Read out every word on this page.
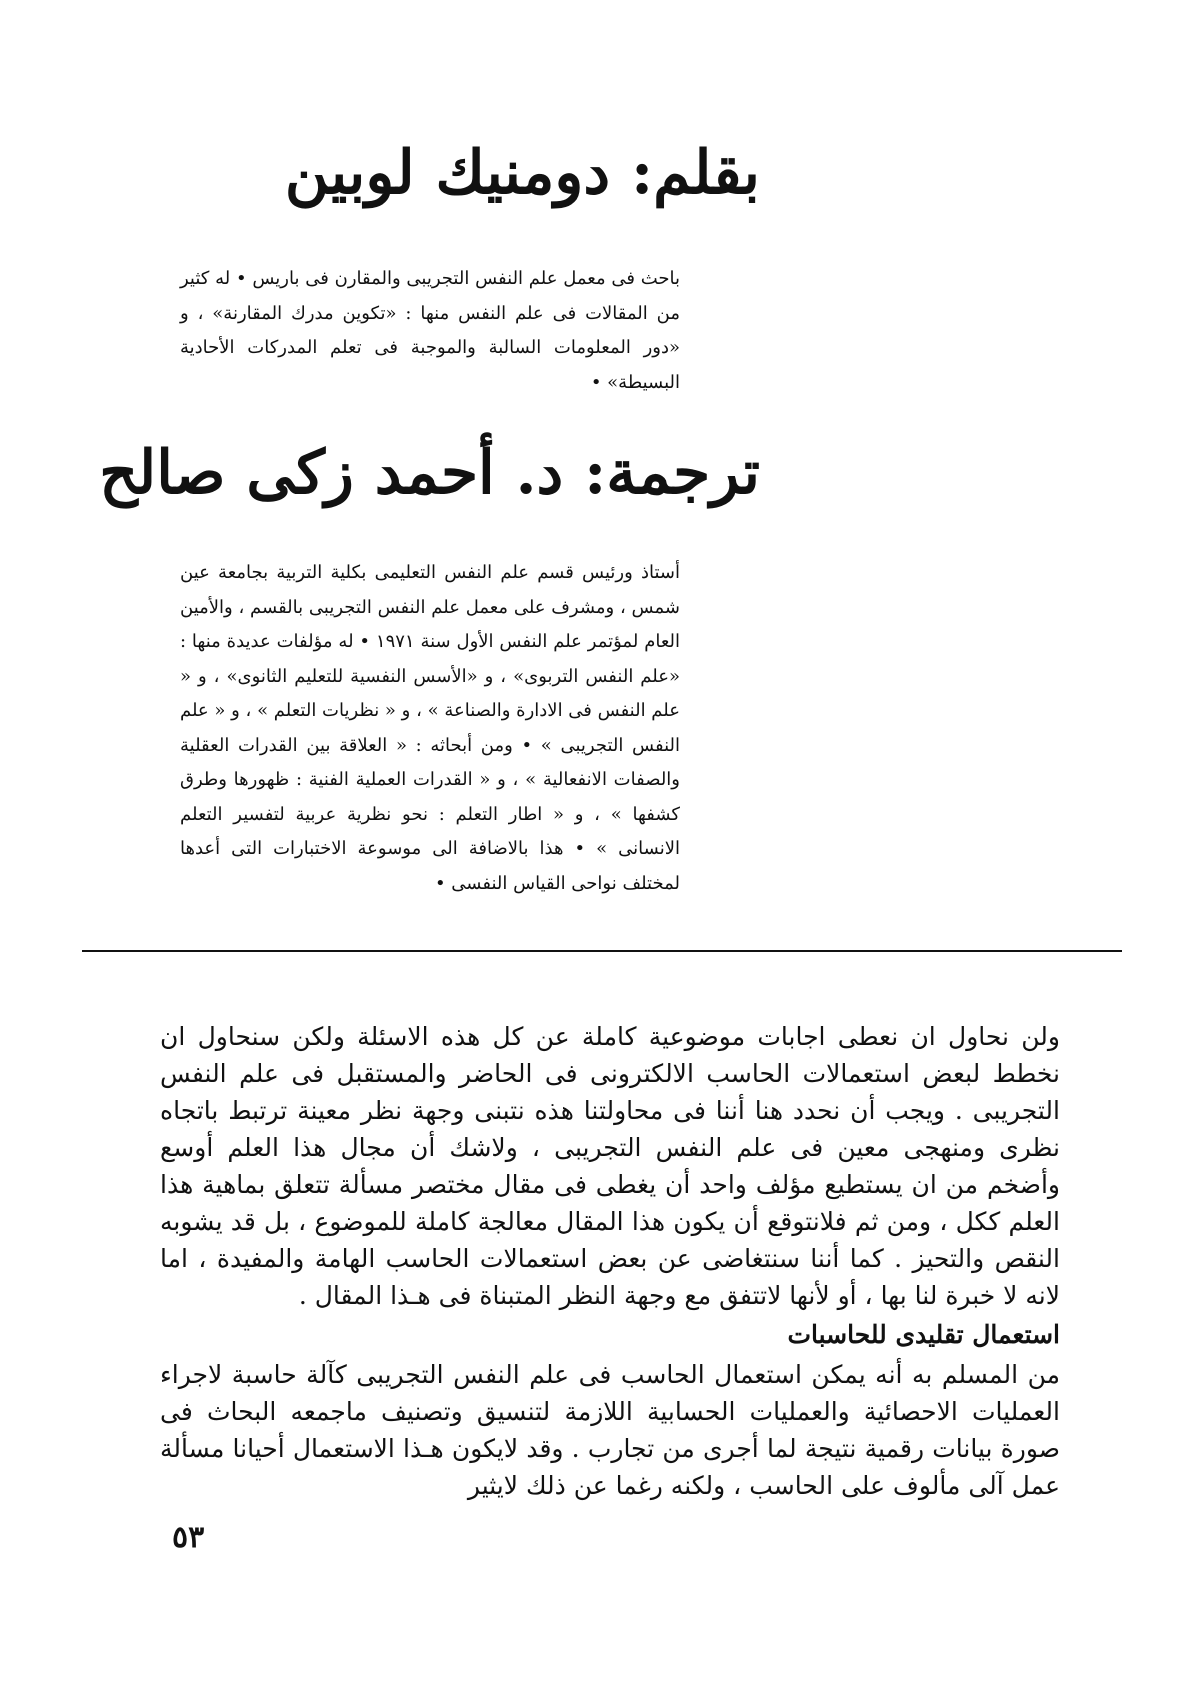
بقلم: دومنيك لوبين

باحث فى معمل علم النفس التجريبى والمقارن فى باريس • له كثير من المقالات فى علم النفس منها : «تكوين مدرك المقارنة» ، و «دور المعلومات السالبة والموجبة فى تعلم المدركات الأحادية البسيطة» •

ترجمة: د. أحمد زكى صالح

أستاذ ورئيس قسم علم النفس التعليمى بكلية التربية بجامعة عين شمس ، ومشرف على معمل علم النفس التجريبى بالقسم ، والأمين العام لمؤتمر علم النفس الأول سنة ١٩٧١ • له مؤلفات عديدة منها : «علم النفس التربوى» ، و «الأسس النفسية للتعليم الثانوى» ، و « علم النفس فى الادارة والصناعة » ، و « نظريات التعلم » ، و « علم النفس التجريبى » • ومن أبحاثه : « العلاقة بين القدرات العقلية والصفات الانفعالية » ، و « القدرات العملية الفنية : ظهورها وطرق كشفها » ، و « اطار التعلم : نحو نظرية عربية لتفسير التعلم الانسانى » • هذا بالاضافة الى موسوعة الاختبارات التى أعدها لمختلف نواحى القياس النفسى •

ولن نحاول ان نعطى اجابات موضوعية كاملة عن كل هذه الاسئلة ولكن سنحاول ان نخطط لبعض استعمالات الحاسب الالكترونى فى الحاضر والمستقبل فى علم النفس التجريبى . ويجب أن نحدد هنا أننا فى محاولتنا هذه نتبنى وجهة نظر معينة ترتبط باتجاه نظرى ومنهجى معين فى علم النفس التجريبى ، ولاشك أن مجال هذا العلم أوسع وأضخم من ان يستطيع مؤلف واحد أن يغطى فى مقال مختصر مسألة تتعلق بماهية هذا العلم ككل ، ومن ثم فلانتوقع أن يكون هذا المقال معالجة كاملة للموضوع ، بل قد يشوبه النقص والتحيز . كما أننا سنتغاضى عن بعض استعمالات الحاسب الهامة والمفيدة ، اما لانه لا خبرة لنا بها ، أو لأنها لاتتفق مع وجهة النظر المتبناة فى هـذا المقال .

استعمال تقليدى للحاسبات

من المسلم به أنه يمكن استعمال الحاسب فى علم النفس التجريبى كآلة حاسبة لاجراء العمليات الاحصائية والعمليات الحسابية اللازمة لتنسيق وتصنيف ماجمعه البحاث فى صورة بيانات رقمية نتيجة لما أجرى من تجارب . وقد لايكون هـذا الاستعمال أحيانا مسألة عمل آلى مألوف على الحاسب ، ولكنه رغما عن ذلك لايثير

٥٣
